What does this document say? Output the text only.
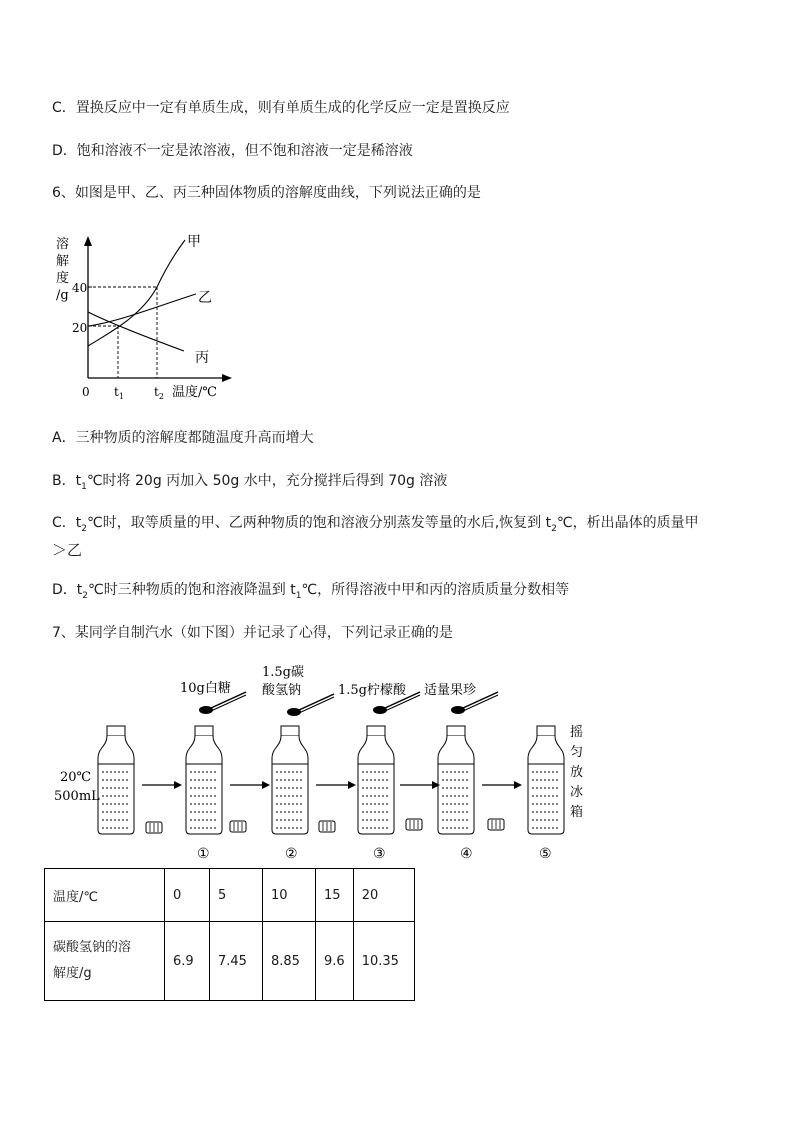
C．置换反应中一定有单质生成，则有单质生成的化学反应一定是置换反应
D．饱和溶液不一定是浓溶液，但不饱和溶液一定是稀溶液
6、如图是甲、乙、丙三种固体物质的溶解度曲线，下列说法正确的是
溶
解
度
/g 40
20
0 $t_1$	$t_2$ 温度/℃
甲
乙
丙
A．三种物质的溶解度都随温度升高而增大
B．$t_1℃$时将 20g 丙加入 50g 水中，充分搅拌后得到 70g 溶液
C．$t_2℃$时，取等质量的甲、乙两种物质的饱和溶液分别蒸发等量的水后,恢复到 $t_2℃$，析出晶体的质量甲
＞乙
D．$t_2℃$时三种物质的饱和溶液降温到 $t_1℃$，所得溶液中甲和丙的溶质质量分数相等
7、某同学自制汽水（如下图）并记录了心得，下列记录正确的是
20℃
500mL
10g白糖
1.5g碳
酸氢钠	1.5g柠檬酸 适量果珍
摇
匀
放
冰
箱
①	②	③	④	⑤
温度/℃	0	5	10	15	20

碳酸氢钠的溶
解度/g	6.9	7.45	8.85	9.6	10.35
